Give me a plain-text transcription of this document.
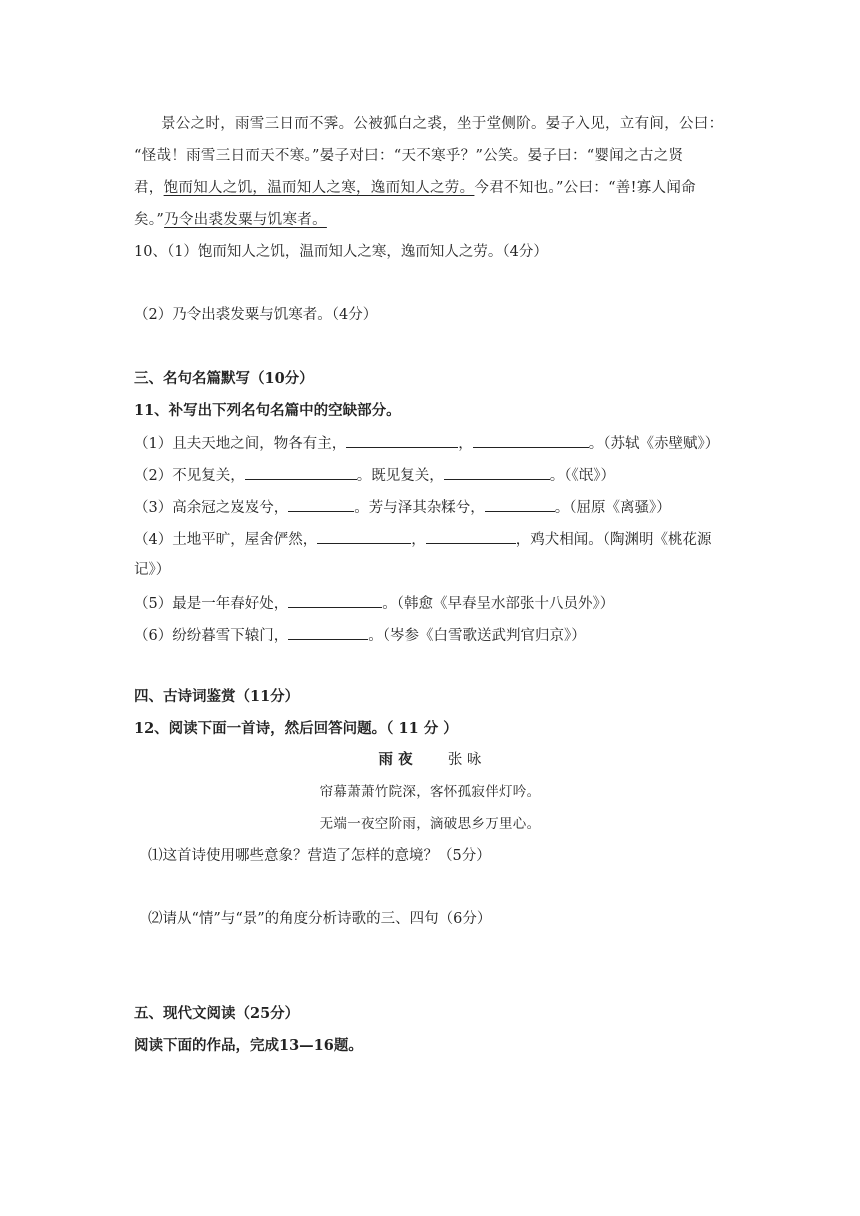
景公之时，雨雪三日而不霁。公被狐白之裘，坐于堂侧阶。晏子入见，立有间，公曰：
“怪哉！雨雪三日而天不寒。”晏子对曰：“天不寒乎？”公笑。晏子曰：“婴闻之古之贤
君，饱而知人之饥，温而知人之寒，逸而知人之劳。今君不知也。”公曰：“善!寡人闻命
矣。”乃令出裘发粟与饥寒者。
10、（1）饱而知人之饥，温而知人之寒，逸而知人之劳。（4分）
（2）乃令出裘发粟与饥寒者。（4分）
三、名句名篇默写（10分）
11、补写出下列名句名篇中的空缺部分。
（1）且夫天地之间，物各有主，	，	。（苏轼《赤壁赋》）
（2）不见复关，	。既见复关，	。（《氓》）
（3）高余冠之岌岌兮，	。芳与泽其杂糅兮，	。（屈原《离骚》）
（4）土地平旷，屋舍俨然，	，	，鸡犬相闻。（陶渊明《桃花源
记》）
（5）最是一年春好处，	。（韩愈《早春呈水部张十八员外》）
（6）纷纷暮雪下辕门，	。（岑参《白雪歌送武判官归京》）
四、古诗词鉴赏（11分）
12、阅读下面一首诗，然后回答问题。（ 11 分 ）
雨 夜 张 咏
帘幕萧萧竹院深，客怀孤寂伴灯吟。
无端一夜空阶雨，滴破思乡万里心。
⑴这首诗使用哪些意象？营造了怎样的意境？（5分）
⑵请从“情”与“景”的角度分析诗歌的三、四句（6分）
五、现代文阅读（25分）
阅读下面的作品，完成13—16题。
